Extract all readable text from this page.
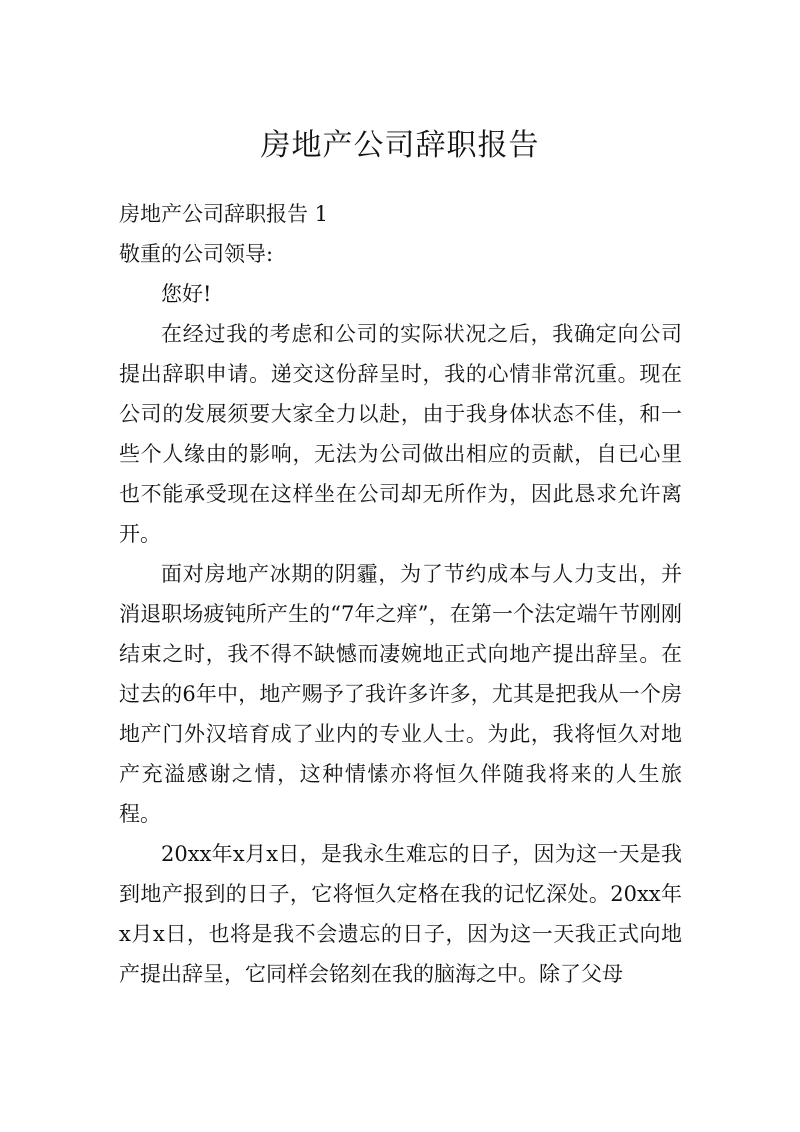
房地产公司辞职报告

房地产公司辞职报告 1

敬重的公司领导:

您好!

在经过我的考虑和公司的实际状况之后，我确定向公司提出辞职申请。递交这份辞呈时，我的心情非常沉重。现在公司的发展须要大家全力以赴，由于我身体状态不佳，和一些个人缘由的影响，无法为公司做出相应的贡献，自已心里也不能承受现在这样坐在公司却无所作为，因此恳求允许离开。

面对房地产冰期的阴霾，为了节约成本与人力支出，并消退职场疲钝所产生的“7年之痒”，在第一个法定端午节刚刚结束之时，我不得不缺憾而凄婉地正式向地产提出辞呈。在过去的6年中，地产赐予了我许多许多，尤其是把我从一个房地产门外汉培育成了业内的专业人士。为此，我将恒久对地产充溢感谢之情，这种情愫亦将恒久伴随我将来的人生旅程。

20xx年x月x日，是我永生难忘的日子，因为这一天是我到地产报到的日子，它将恒久定格在我的记忆深处。20xx年x月x日，也将是我不会遗忘的日子，因为这一天我正式向地产提出辞呈，它同样会铭刻在我的脑海之中。除了父母
